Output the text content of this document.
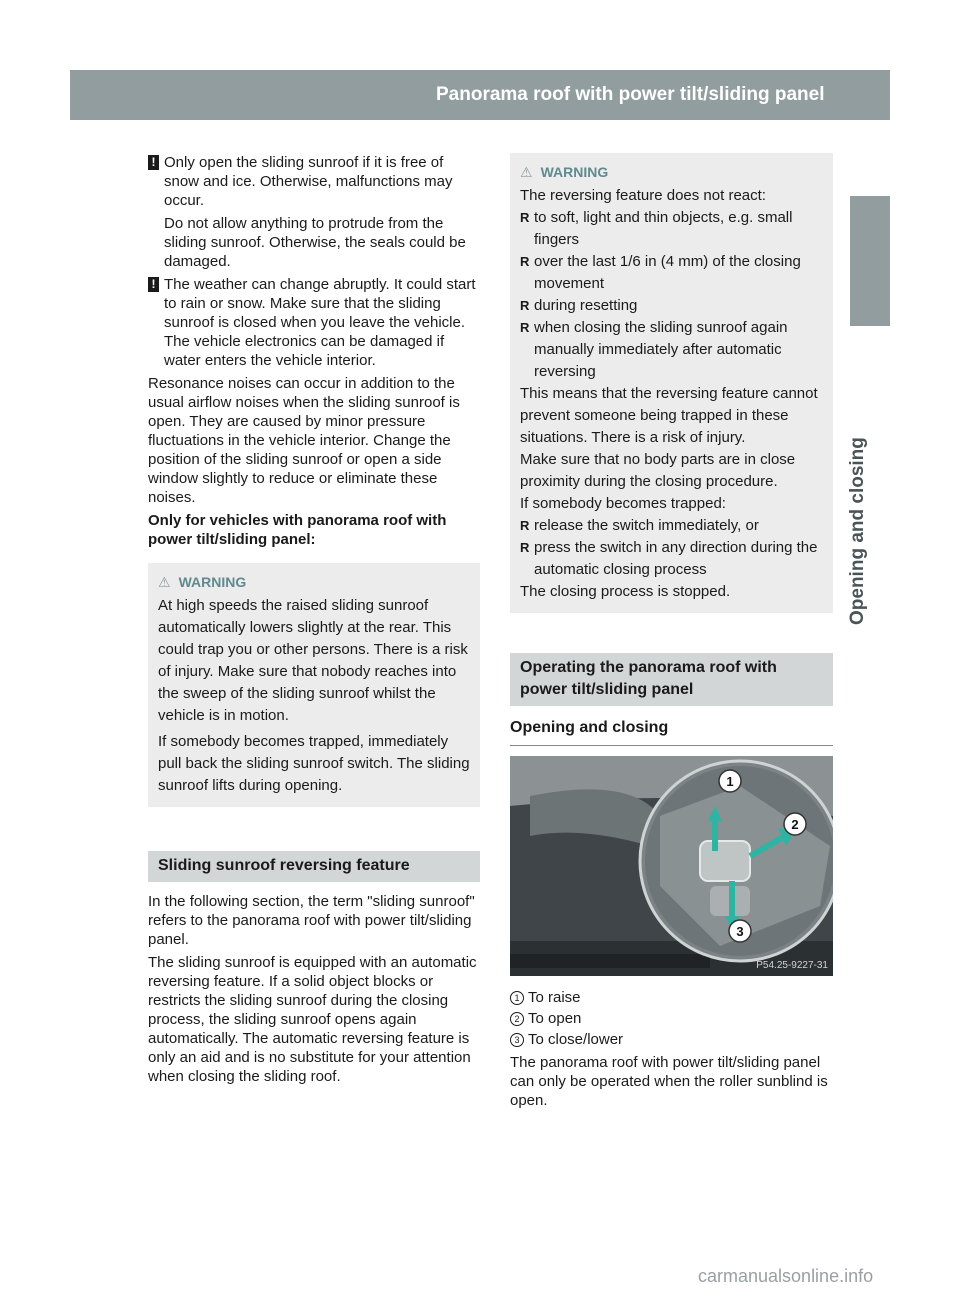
Panorama roof with power tilt/sliding panel	91
Opening and closing
! Only open the sliding sunroof if it is free of snow and ice. Otherwise, malfunctions may occur.

Do not allow anything to protrude from the sliding sunroof. Otherwise, the seals could be damaged.

! The weather can change abruptly. It could start to rain or snow. Make sure that the sliding sunroof is closed when you leave the vehicle. The vehicle electronics can be damaged if water enters the vehicle interior.

Resonance noises can occur in addition to the usual airflow noises when the sliding sunroof is open. They are caused by minor pressure fluctuations in the vehicle interior. Change the position of the sliding sunroof or open a side window slightly to reduce or eliminate these noises.

Only for vehicles with panorama roof with power tilt/sliding panel:

⚠ WARNING

At high speeds the raised sliding sunroof automatically lowers slightly at the rear. This could trap you or other persons. There is a risk of injury. Make sure that nobody reaches into the sweep of the sliding sunroof whilst the vehicle is in motion.

If somebody becomes trapped, immediately pull back the sliding sunroof switch. The sliding sunroof lifts during opening.

Sliding sunroof reversing feature

In the following section, the term "sliding sunroof" refers to the panorama roof with power tilt/sliding panel.

The sliding sunroof is equipped with an automatic reversing feature. If a solid object blocks or restricts the sliding sunroof during the closing process, the sliding sunroof opens again automatically. The automatic reversing feature is only an aid and is no substitute for your attention when closing the sliding roof.

⚠ WARNING

The reversing feature does not react:

R to soft, light and thin objects, e.g. small fingers
R over the last 1/6 in (4 mm) of the closing movement
R during resetting
R when closing the sliding sunroof again manually immediately after automatic reversing

This means that the reversing feature cannot prevent someone being trapped in these situations. There is a risk of injury.

Make sure that no body parts are in close proximity during the closing procedure.

If somebody becomes trapped:

R release the switch immediately, or
R press the switch in any direction during the automatic closing process

The closing process is stopped.

Operating the panorama roof with power tilt/sliding panel
Opening and closing
1
2
3
P54.25-9227-31
1 To raise
2 To open
3 To close/lower

The panorama roof with power tilt/sliding panel can only be operated when the roller sunblind is open.

carmanualsonline.info
